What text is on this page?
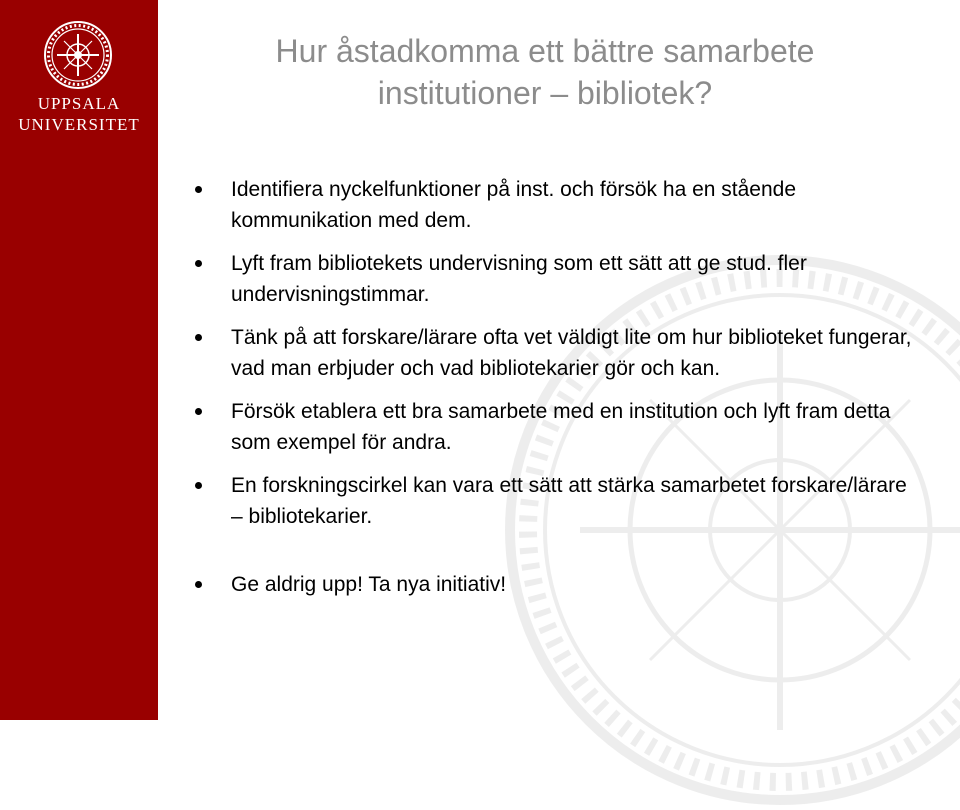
UPPSALA
UNIVERSITET
Hur åstadkomma ett bättre samarbete institutioner – bibliotek?
Identifiera nyckelfunktioner på inst. och försök ha en stående kommunikation med dem.
Lyft fram bibliotekets undervisning som ett sätt att ge stud. fler undervisningstimmar.
Tänk på att forskare/lärare ofta vet väldigt lite om hur biblioteket fungerar, vad man erbjuder och vad bibliotekarier gör och kan.
Försök etablera ett bra samarbete med en institution och lyft fram detta som exempel för andra.
En forskningscirkel kan vara ett sätt att stärka samarbetet forskare/lärare – bibliotekarier.
Ge aldrig upp! Ta nya initiativ!
